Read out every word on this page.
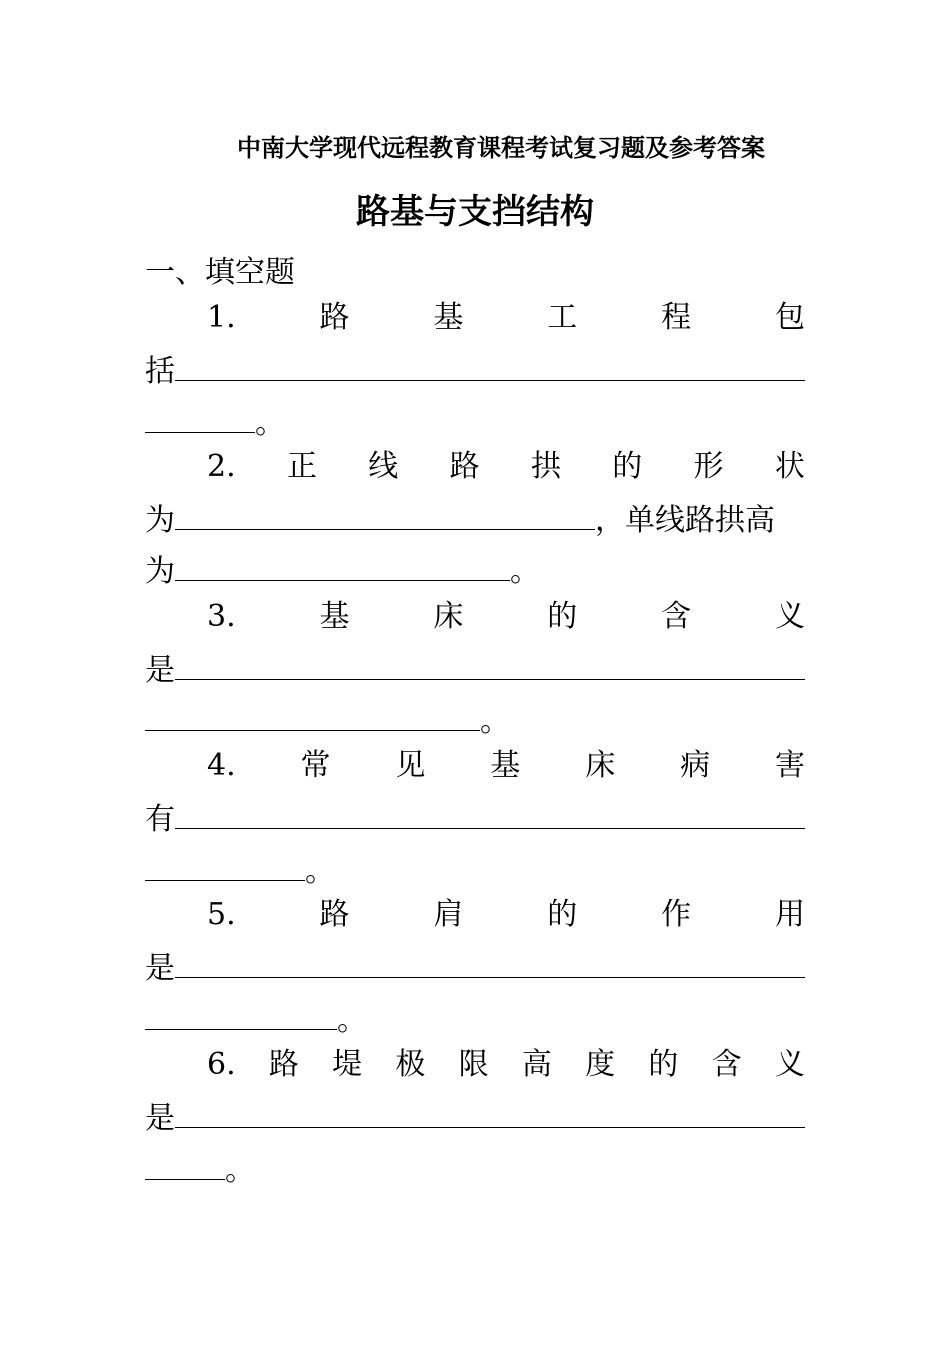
中南大学现代远程教育课程考试复习题及参考答案
路基与支挡结构
一、填空题
1.	路	基	工	程	包
括
。
2. 正 线 路 拱 的 形 状
为	，单线路拱高
为	。
3.	基	床	的	含	义
是
。
4. 常 见 基 床 病 害
有
。
5.	路	肩	的	作	用
是
。
6. 路 堤 极 限 高 度 的 含 义
是
。
